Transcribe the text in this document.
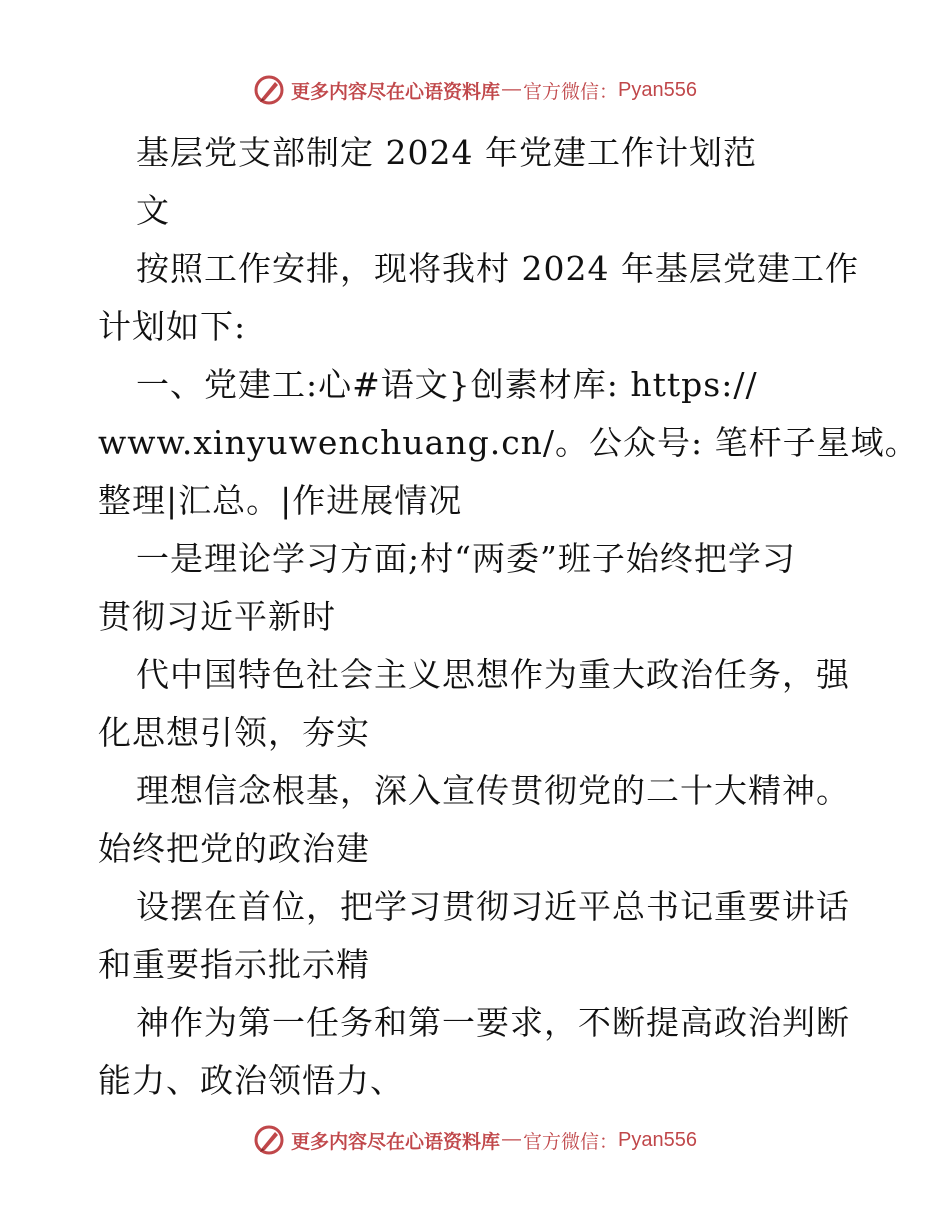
更多内容尽在心语资料库 — 官方微信： Pyan556
基层党支部制定 2024 年党建工作计划范
文
按照工作安排，现将我村 2024 年基层党建工作
计划如下:
一、党建工:心#语文}创素材库: https://
www.xinyuwenchuang.cn/。公众号: 笔杆子星域。
整理|汇总。|作进展情况
一是理论学习方面;村“两委”班子始终把学习
贯彻习近平新时
代中国特色社会主义思想作为重大政治任务，强
化思想引领，夯实
理想信念根基，深入宣传贯彻党的二十大精神。
始终把党的政治建
设摆在首位，把学习贯彻习近平总书记重要讲话
和重要指示批示精
神作为第一任务和第一要求，不断提高政治判断
能力、政治领悟力、
更多内容尽在心语资料库 — 官方微信： Pyan556
